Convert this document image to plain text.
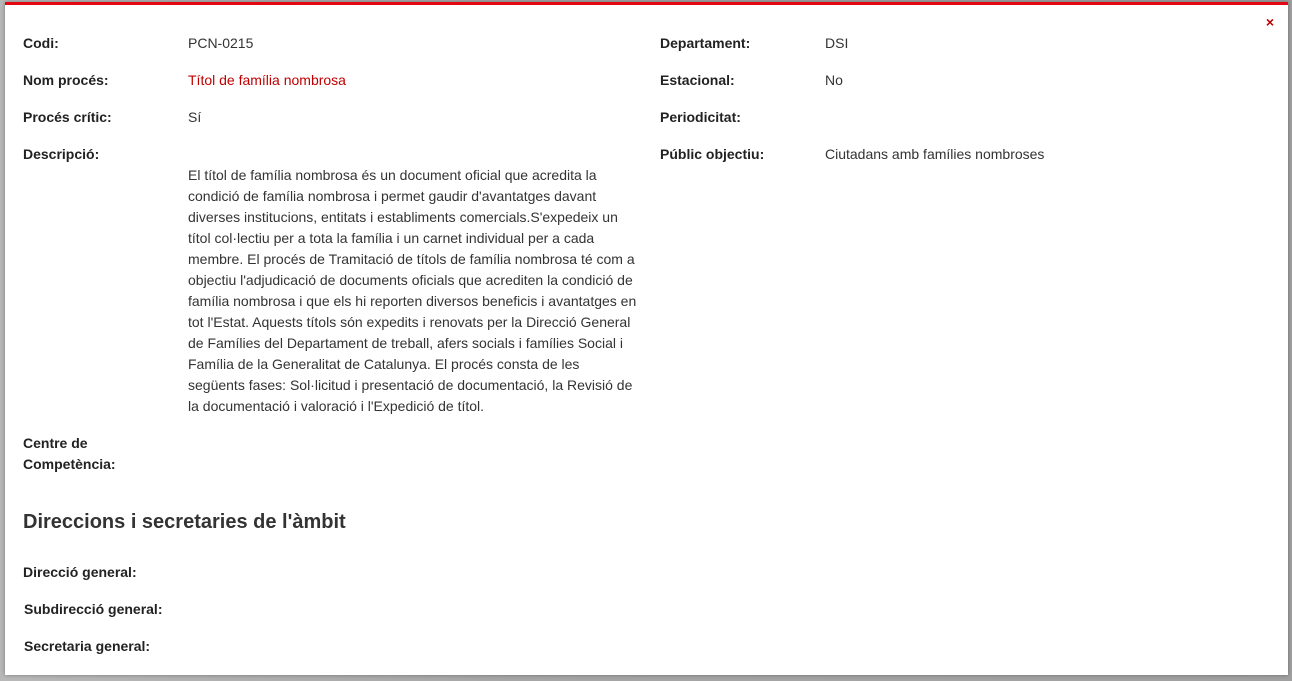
×
Codi:	PCN-0215
Nom procés:	Títol de família nombrosa
Procés crític:	Sí
Descripció:
El títol de família nombrosa és un document oficial que acredita la condició de família nombrosa i permet gaudir d'avantatges davant diverses institucions, entitats i establiments comercials.S'expedeix un títol col·lectiu per a tota la família i un carnet individual per a cada membre. El procés de Tramitació de títols de família nombrosa té com a objectiu l'adjudicació de documents oficials que acrediten la condició de família nombrosa i que els hi reporten diversos beneficis i avantatges en tot l'Estat. Aquests títols són expedits i renovats per la Direcció General de Famílies del Departament de treball, afers socials i famílies Social i Família de la Generalitat de Catalunya. El procés consta de les següents fases: Sol·licitud i presentació de documentació, la Revisió de la documentació i valoració i l'Expedició de títol.
Centre de Competència:
Departament:	DSI
Estacional:	No
Periodicitat:
Públic objectiu:	Ciutadans amb famílies nombroses
Direccions i secretaries de l'àmbit
Direcció general:
Subdirecció general:
Secretaria general:
